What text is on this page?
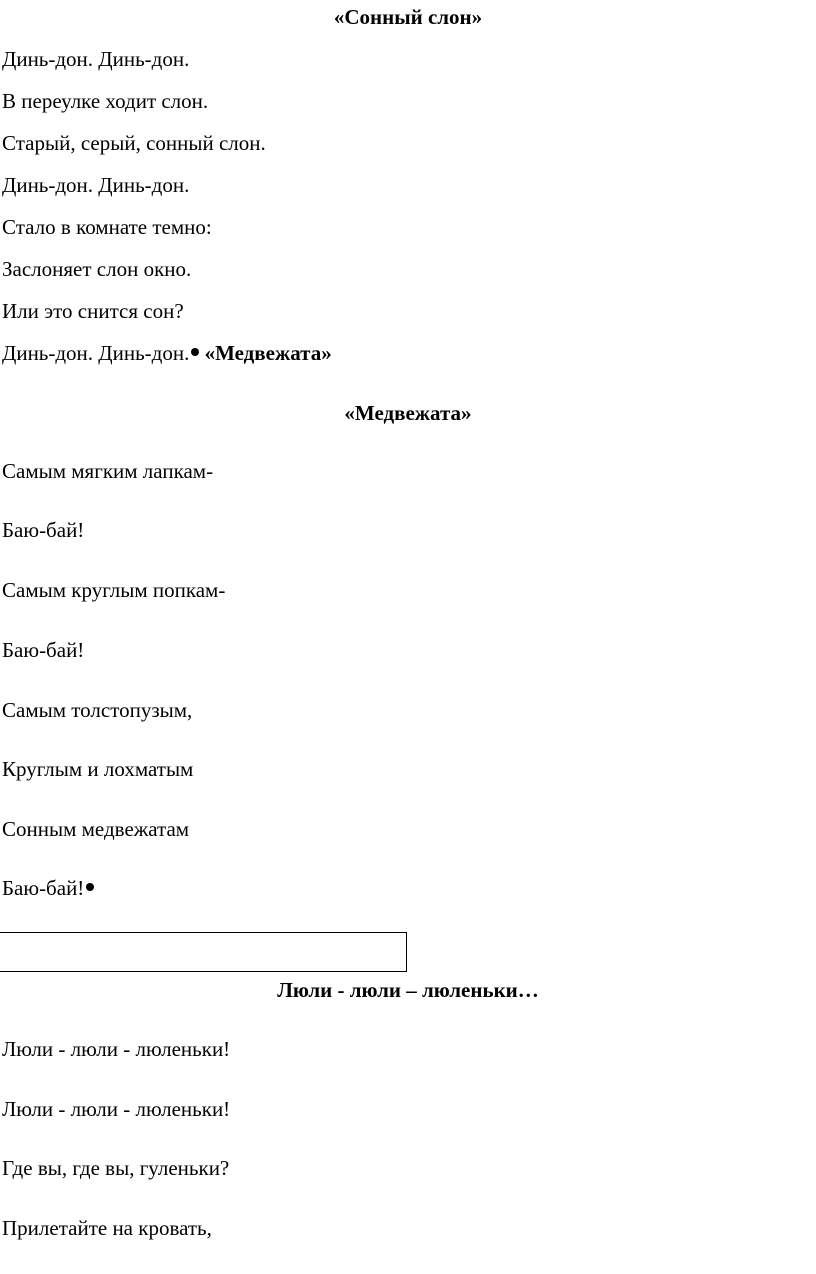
«Сонный слон»
Динь-дон. Динь-дон.
В переулке ходит слон.
Старый, серый, сонный слон.
Динь-дон. Динь-дон.
Стало в комнате темно:
Заслоняет слон окно.
Или это снится сон?
Динь-дон. Динь-дон. «Медвежата»
«Медвежата»
Самым мягким лапкам-
Баю-бай!
Самым круглым попкам-
Баю-бай!
Самым толстопузым,
Круглым и лохматым
Сонным медвежатам
Баю-бай!
Люли - люли – люленьки…
Люли - люли - люленьки!
Люли - люли - люленьки!
Где вы, где вы, гуленьки?
Прилетайте на кровать,
